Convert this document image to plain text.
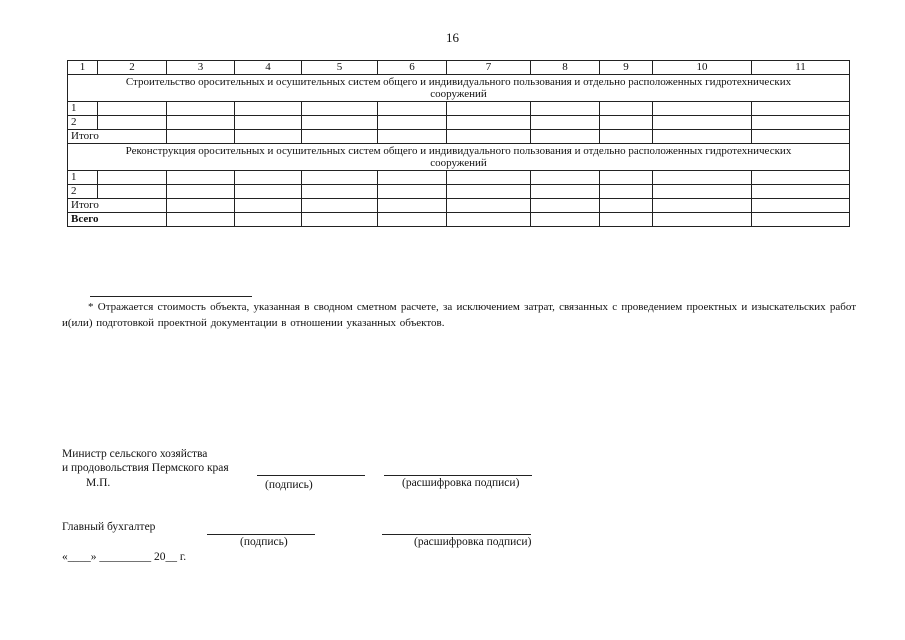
16
1	2	3	4	5	6	7	8	9	10	11
Строительство оросительных и осушительных систем общего и индивидуального пользования и отдельно расположенных гидротехнических сооружений										
1										
2										
Итого										
Реконструкция оросительных и осушительных систем общего и индивидуального пользования и отдельно расположенных гидротехнических сооружений										
1										
2										
Итого										
Всего										
* Отражается стоимость объекта, указанная в сводном сметном расчете, за исключением затрат, связанных с проведением проектных и изыскательских работ и(или) подготовкой проектной документации в отношении указанных объектов.
Министр сельского хозяйства
и продовольствия Пермского края
М.П.	(подпись)	(расшифровка подписи)
Главный бухгалтер
(подпись)	(расшифровка подписи)
«____» _________ 20__ г.
